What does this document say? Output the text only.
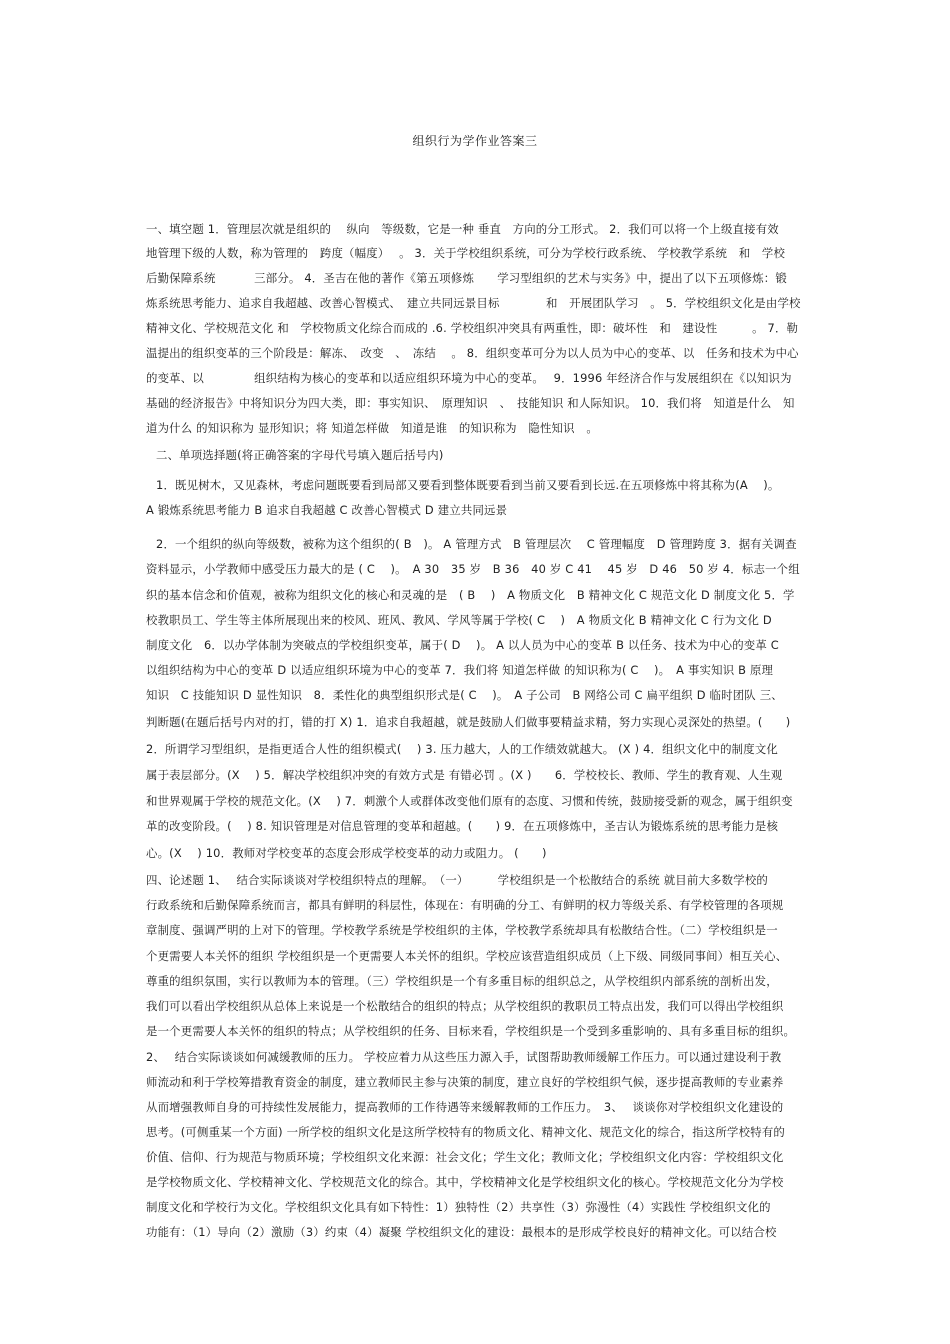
组织行为学作业答案三
一、填空题 1．管理层次就是组织的　 纵向　等级数，它是一种 垂直　方向的分工形式。 2．我们可以将一个上级直接有效
地管理下级的人数，称为管理的　跨度（幅度）　 。 3．关于学校组织系统，可分为学校行政系统、 学校教学系统　和　学校
后勤保障系统　　　 三部分。 4．圣吉在他的著作《第五项修炼　　学习型组织的艺术与实务》中，提出了以下五项修炼：锻
炼系统思考能力、追求自我超越、改善心智模式、　建立共同远景目标　　　　和　开展团队学习　。 5．学校组织文化是由学校
精神文化、学校规范文化 和　学校物质文化综合而成的 .6. 学校组织冲突具有两重性，即：破坏性　和　建设性　　　。 7．勒
温提出的组织变革的三个阶段是：解冻、　改变　、　冻结　 。 8．组织变革可分为以人员为中心的变革、以　任务和技术为中心
的变革、以　　　　 组织结构为核心的变革和以适应组织环境为中心的变革。　 9．1996 年经济合作与发展组织在《以知识为
基础的经济报告》中将知识分为四大类，即：事实知识、　原理知识　、　技能知识 和人际知识。 10．我们将　知道是什么　知
道为什么 的知识称为 显形知识；将 知道怎样做　知道是谁　的知识称为　隐性知识　。
二、单项选择题(将正确答案的字母代号填入题后括号内)
1．既见树木，又见森林，考虑问题既要看到局部又要看到整体既要看到当前又要看到长远.在五项修炼中将其称为(A　 )。
A 锻炼系统思考能力 B 追求自我超越 C 改善心智模式 D 建立共同远景
2．一个组织的纵向等级数，被称为这个组织的( B　)。 A 管理方式　B 管理层次　 C 管理幅度　D 管理跨度 3．据有关调查
资料显示，小学教师中感受压力最大的是 ( C　 )。　A 30　35 岁　B 36　40 岁 C 41　 45 岁　D 46　50 岁 4．标志一个组
织的基本信念和价值观，被称为组织文化的核心和灵魂的是　( B　 )　A 物质文化　B 精神文化 C 规范文化 D 制度文化 5．学
校教职员工、学生等主体所展现出来的校风、班风、教风、学风等属于学校( C　 )　A 物质文化 B 精神文化 C 行为文化 D
制度文化　6．以办学体制为突破点的学校组织变革，属于( D　 )。 A 以人员为中心的变革 B 以任务、技术为中心的变革 C
以组织结构为中心的变革 D 以适应组织环境为中心的变革 7．我们将 知道怎样做 的知识称为( C　 )。　A 事实知识 B 原理
知识　C 技能知识 D 显性知识　8．柔性化的典型组织形式是( C　 )。　A 子公司　B 网络公司 C 扁平组织 D 临时团队 三、
判断题(在题后括号内对的打，错的打 X) 1．追求自我超越，就是鼓励人们做事要精益求精，努力实现心灵深处的热望。(　　)
2．所谓学习型组织，是指更适合人性的组织模式(　 ) 3. 压力越大，人的工作绩效就越大。 (X ) 4．组织文化中的制度文化
属于表层部分。(X　 ) 5．解决学校组织冲突的有效方式是 有错必罚 。(X )　　6．学校校长、教师、学生的教育观、人生观
和世界观属于学校的规范文化。(X　 ) 7．刺激个人或群体改变他们原有的态度、习惯和传统，鼓励接受新的观念，属于组织变
革的改变阶段。(　 ) 8. 知识管理是对信息管理的变革和超越。(　　) 9．在五项修炼中，圣吉认为锻炼系统的思考能力是核
心。(X　 ) 10．教师对学校变革的态度会形成学校变革的动力或阻力。 (　　)
四、论述题 1、　 结合实际谈谈对学校组织特点的理解。　（一）　　　学校组织是一个松散结合的系统 就目前大多数学校的
行政系统和后勤保障系统而言，都具有鲜明的科层性，体现在：有明确的分工、有鲜明的权力等级关系、有学校管理的各项规
章制度、强调严明的上对下的管理。学校教学系统是学校组织的主体，学校教学系统却具有松散结合性。（二）学校组织是一
个更需要人本关怀的组织 学校组织是一个更需要人本关怀的组织。学校应该营造组织成员（上下级、同级同事间）相互关心、
尊重的组织氛围，实行以教师为本的管理。（三）学校组织是一个有多重目标的组织总之，从学校组织内部系统的剖析出发，
我们可以看出学校组织从总体上来说是一个松散结合的组织的特点；从学校组织的教职员工特点出发，我们可以得出学校组织
是一个更需要人本关怀的组织的特点；从学校组织的任务、目标来看，学校组织是一个受到多重影响的、具有多重目标的组织。
2、　 结合实际谈谈如何减缓教师的压力。 学校应着力从这些压力源入手，试图帮助教师缓解工作压力。可以通过建设利于教
师流动和利于学校筹措教育资金的制度，建立教师民主参与决策的制度，建立良好的学校组织气候，逐步提高教师的专业素养
从而增强教师自身的可持续性发展能力，提高教师的工作待遇等来缓解教师的工作压力。　3、　 谈谈你对学校组织文化建设的
思考。(可侧重某一个方面) 一所学校的组织文化是这所学校特有的物质文化、精神文化、规范文化的综合，指这所学校特有的
价值、信仰、行为规范与物质环境；学校组织文化来源：社会文化；学生文化；教师文化；学校组织文化内容：学校组织文化
是学校物质文化、学校精神文化、学校规范文化的综合。其中，学校精神文化是学校组织文化的核心。学校规范文化分为学校
制度文化和学校行为文化。学校组织文化具有如下特性：1）独特性（2）共享性（3）弥漫性（4）实践性 学校组织文化的
功能有：（1）导向（2）激励（3）约束（4）凝聚 学校组织文化的建设：最根本的是形成学校良好的精神文化。可以结合校
